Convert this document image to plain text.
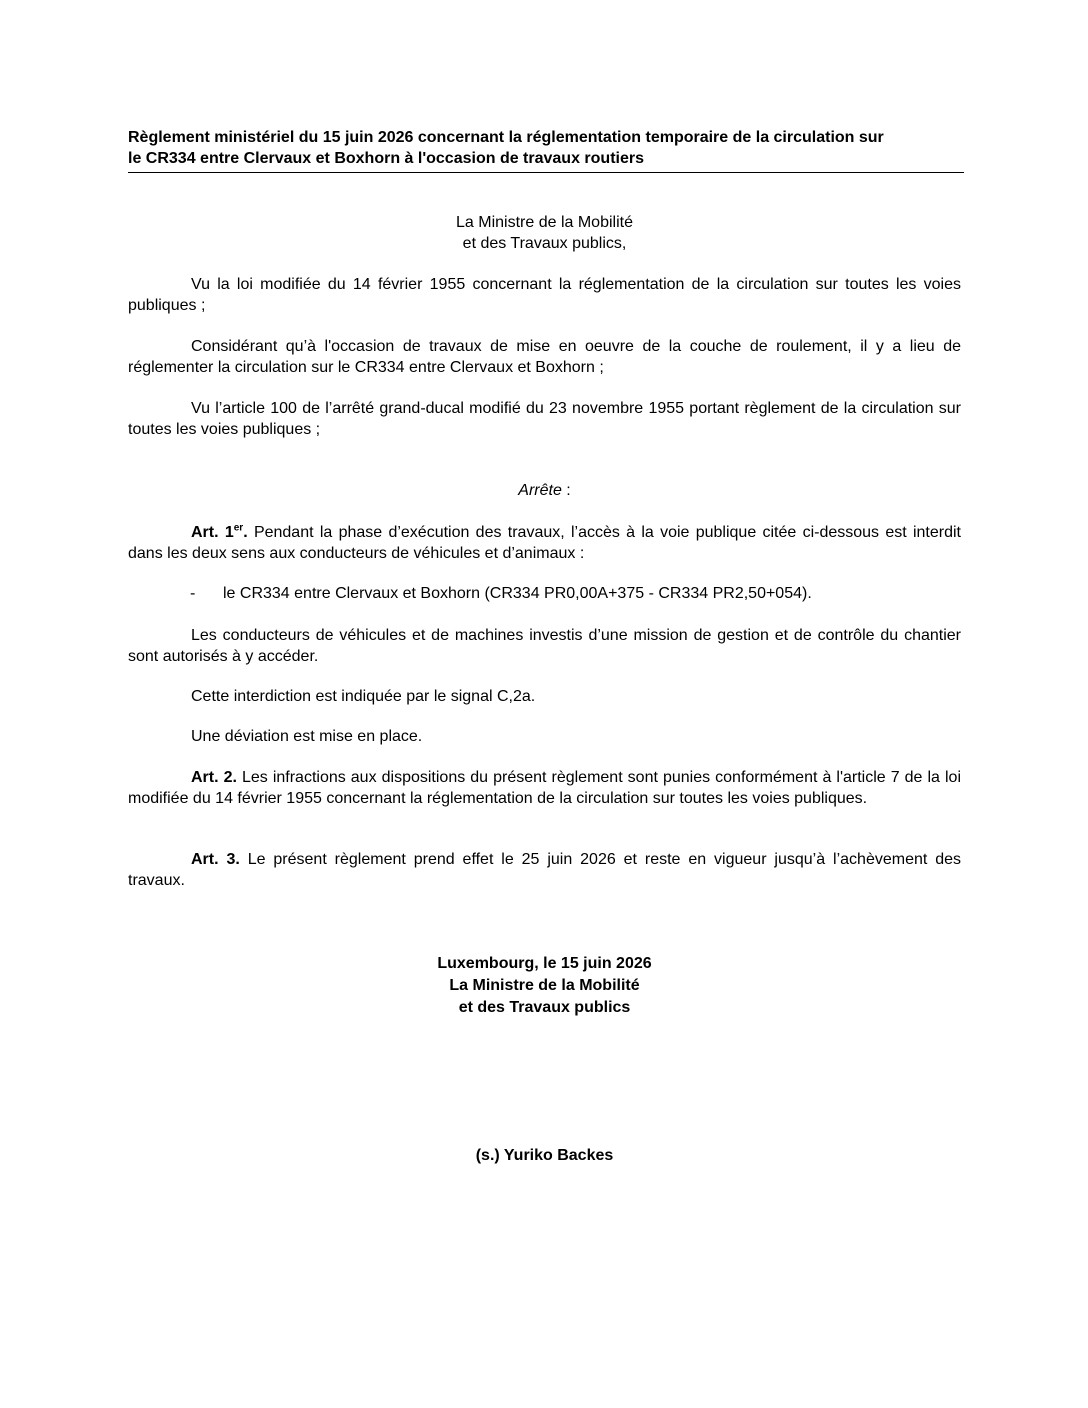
Règlement ministériel du 15 juin 2026 concernant la réglementation temporaire de la circulation sur
le CR334 entre Clervaux et Boxhorn à l'occasion de travaux routiers
La Ministre de la Mobilité
et des Travaux publics,
Vu la loi modifiée du 14 février 1955 concernant la réglementation de la circulation sur toutes les voies publiques ;
Considérant qu’à l'occasion de travaux de mise en oeuvre de la couche de roulement, il y a lieu de réglementer la circulation sur le CR334 entre Clervaux et Boxhorn ;
Vu l’article 100 de l’arrêté grand-ducal modifié du 23 novembre 1955 portant règlement de la circulation sur toutes les voies publiques ;
Arrête :
Art. 1er. Pendant la phase d’exécution des travaux, l’accès à la voie publique citée ci-dessous est interdit dans les deux sens aux conducteurs de véhicules et d’animaux :
- le CR334 entre Clervaux et Boxhorn (CR334 PR0,00A+375 - CR334 PR2,50+054).
Les conducteurs de véhicules et de machines investis d’une mission de gestion et de contrôle du chantier sont autorisés à y accéder.
Cette interdiction est indiquée par le signal C,2a.
Une déviation est mise en place.
Art. 2. Les infractions aux dispositions du présent règlement sont punies conformément à l'article 7 de la loi modifiée du 14 février 1955 concernant la réglementation de la circulation sur toutes les voies publiques.
Art. 3. Le présent règlement prend effet le 25 juin 2026 et reste en vigueur jusqu’à l’achèvement des travaux.
Luxembourg, le 15 juin 2026
La Ministre de la Mobilité
et des Travaux publics
(s.) Yuriko Backes
